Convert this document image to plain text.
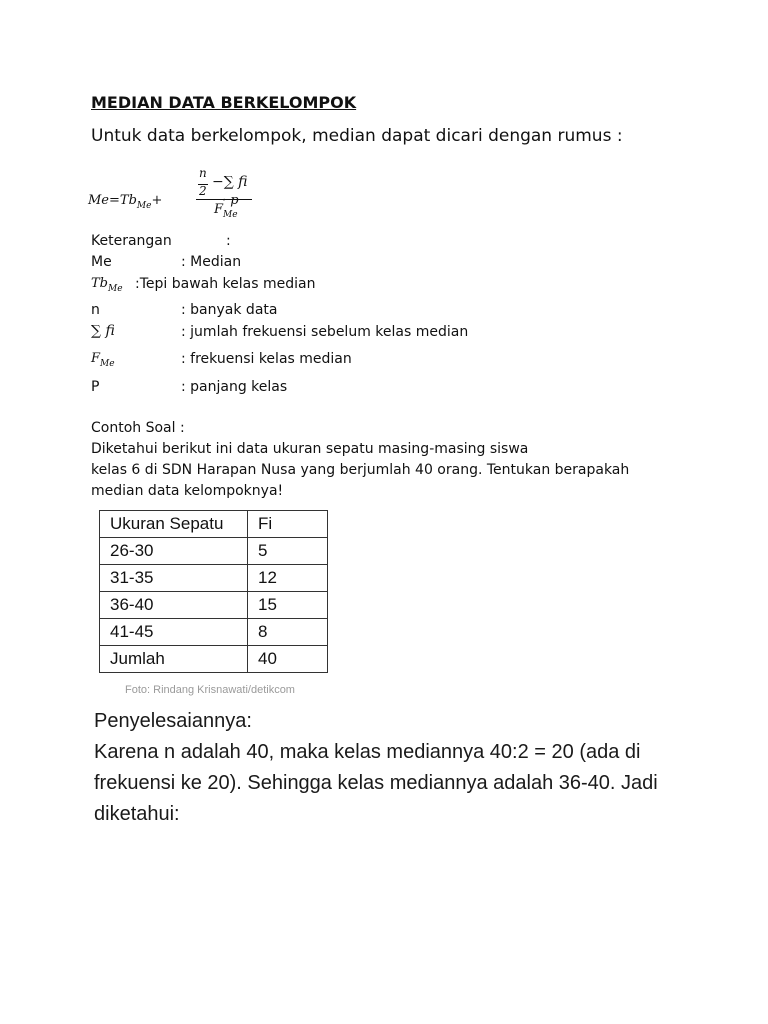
MEDIAN DATA BERKELOMPOK
Untuk data berkelompok, median dapat dicari dengan rumus :
$Me=Tb_{Me}+$
n
2
−∑ fi
$F_{Me}$
· p
Keterangan	:
Me	: Median
$Tb_{Me}$ :Tepi bawah kelas median
n	: banyak data
∑ fi	: jumlah frekuensi sebelum kelas median
$F_{Me}$	: frekuensi kelas median
P	: panjang kelas
Contoh Soal :
Diketahui berikut ini data ukuran sepatu masing-masing siswa
kelas 6 di SDN Harapan Nusa yang berjumlah 40 orang. Tentukan berapakah
median data kelompoknya!
Ukuran Sepatu	Fi
26-30	5
31-35	12
36-40	15
41-45	8
Jumlah	40
Foto: Rindang Krisnawati/detikcom
Penyelesaiannya:
Karena n adalah 40, maka kelas mediannya 40:2 = 20 (ada di
frekuensi ke 20). Sehingga kelas mediannya adalah 36-40. Jadi
diketahui:
